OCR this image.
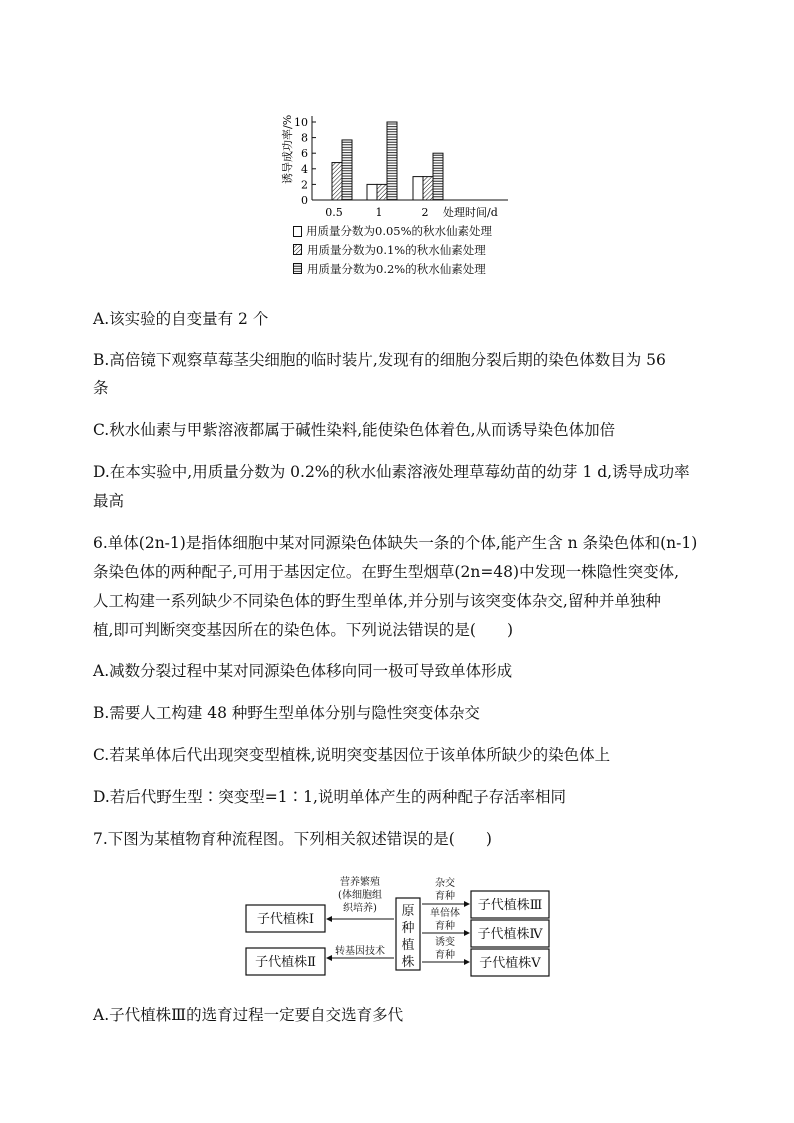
诱导成功率/%
0
2
4
6
8
10
0.5	1	2 处理时间/d
用质量分数为0.05%的秋水仙素处理
用质量分数为0.1%的秋水仙素处理
用质量分数为0.2%的秋水仙素处理
A.该实验的自变量有 2 个
B.高倍镜下观察草莓茎尖细胞的临时装片,发现有的细胞分裂后期的染色体数目为 56
条
C.秋水仙素与甲紫溶液都属于碱性染料,能使染色体着色,从而诱导染色体加倍
D.在本实验中,用质量分数为 0.2%的秋水仙素溶液处理草莓幼苗的幼芽 1 d,诱导成功率
最高
6.单体(2n-1)是指体细胞中某对同源染色体缺失一条的个体,能产生含 n 条染色体和(n-1)
条染色体的两种配子,可用于基因定位。在野生型烟草(2n=48)中发现一株隐性突变体,
人工构建一系列缺少不同染色体的野生型单体,并分别与该突变体杂交,留种并单独种
植,即可判断突变基因所在的染色体。下列说法错误的是(　　)
A.减数分裂过程中某对同源染色体移向同一极可导致单体形成
B.需要人工构建 48 种野生型单体分别与隐性突变体杂交
C.若某单体后代出现突变型植株,说明突变基因位于该单体所缺少的染色体上
D.若后代野生型∶突变型=1∶1,说明单体产生的两种配子存活率相同
7.下图为某植物育种流程图。下列相关叙述错误的是(　　)
子代植株Ⅰ
子代植株Ⅱ
原
种
植
株
子代植株Ⅲ
子代植株Ⅳ
子代植株Ⅴ
营养繁殖
(体细胞组
织培养)
转基因技术
杂交
育种
单倍体
育种
诱变
育种
A.子代植株Ⅲ的选育过程一定要自交选育多代
